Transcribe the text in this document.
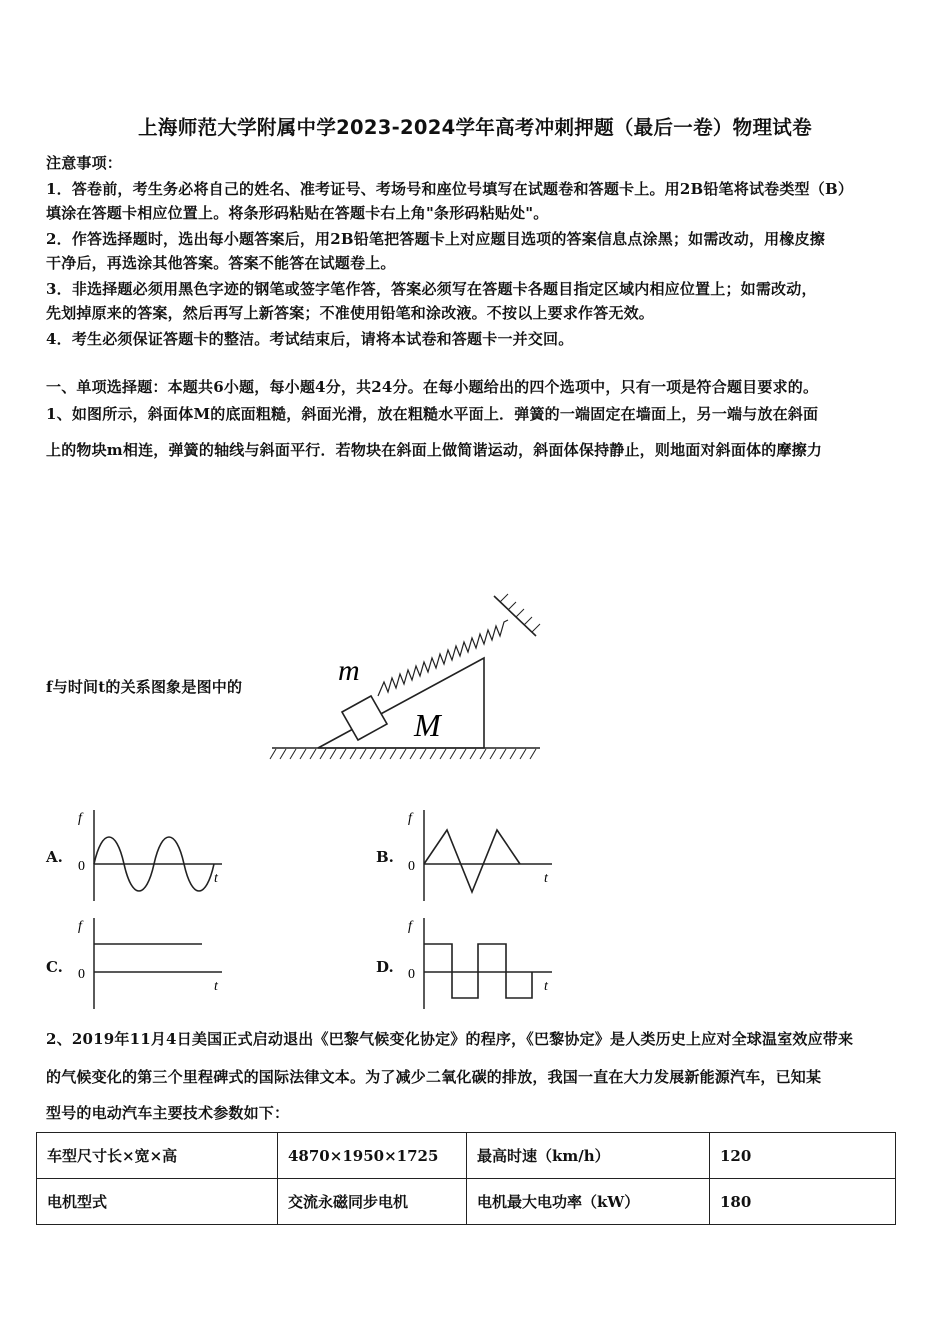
上海师范大学附属中学2023-2024学年高考冲刺押题（最后一卷）物理试卷
注意事项：
1．答卷前，考生务必将自己的姓名、准考证号、考场号和座位号填写在试题卷和答题卡上。用2B铅笔将试卷类型（B）
填涂在答题卡相应位置上。将条形码粘贴在答题卡右上角"条形码粘贴处"。
2．作答选择题时，选出每小题答案后，用2B铅笔把答题卡上对应题目选项的答案信息点涂黑；如需改动，用橡皮擦
干净后，再选涂其他答案。答案不能答在试题卷上。
3．非选择题必须用黑色字迹的钢笔或签字笔作答，答案必须写在答题卡各题目指定区域内相应位置上；如需改动，
先划掉原来的答案，然后再写上新答案；不准使用铅笔和涂改液。不按以上要求作答无效。
4．考生必须保证答题卡的整洁。考试结束后，请将本试卷和答题卡一并交回。
一、单项选择题：本题共6小题，每小题4分，共24分。在每小题给出的四个选项中，只有一项是符合题目要求的。
1、如图所示，斜面体M的底面粗糙，斜面光滑，放在粗糙水平面上．弹簧的一端固定在墙面上，另一端与放在斜面
上的物块m相连，弹簧的轴线与斜面平行．若物块在斜面上做简谐运动，斜面体保持静止，则地面对斜面体的摩擦力
f与时间t的关系图象是图中的	m
M
A.
f
0
t
B.
f
0
t
C.
f
0
t
D.
f
0
t
2、2019年11月4日美国正式启动退出《巴黎气候变化协定》的程序，《巴黎协定》是人类历史上应对全球温室效应带来
的气候变化的第三个里程碑式的国际法律文本。为了减少二氧化碳的排放，我国一直在大力发展新能源汽车，已知某
型号的电动汽车主要技术参数如下：
车型尺寸长×宽×高	4870×1950×1725	最高时速（km/h）	120
电机型式	交流永磁同步电机	电机最大电功率（kW）	180
